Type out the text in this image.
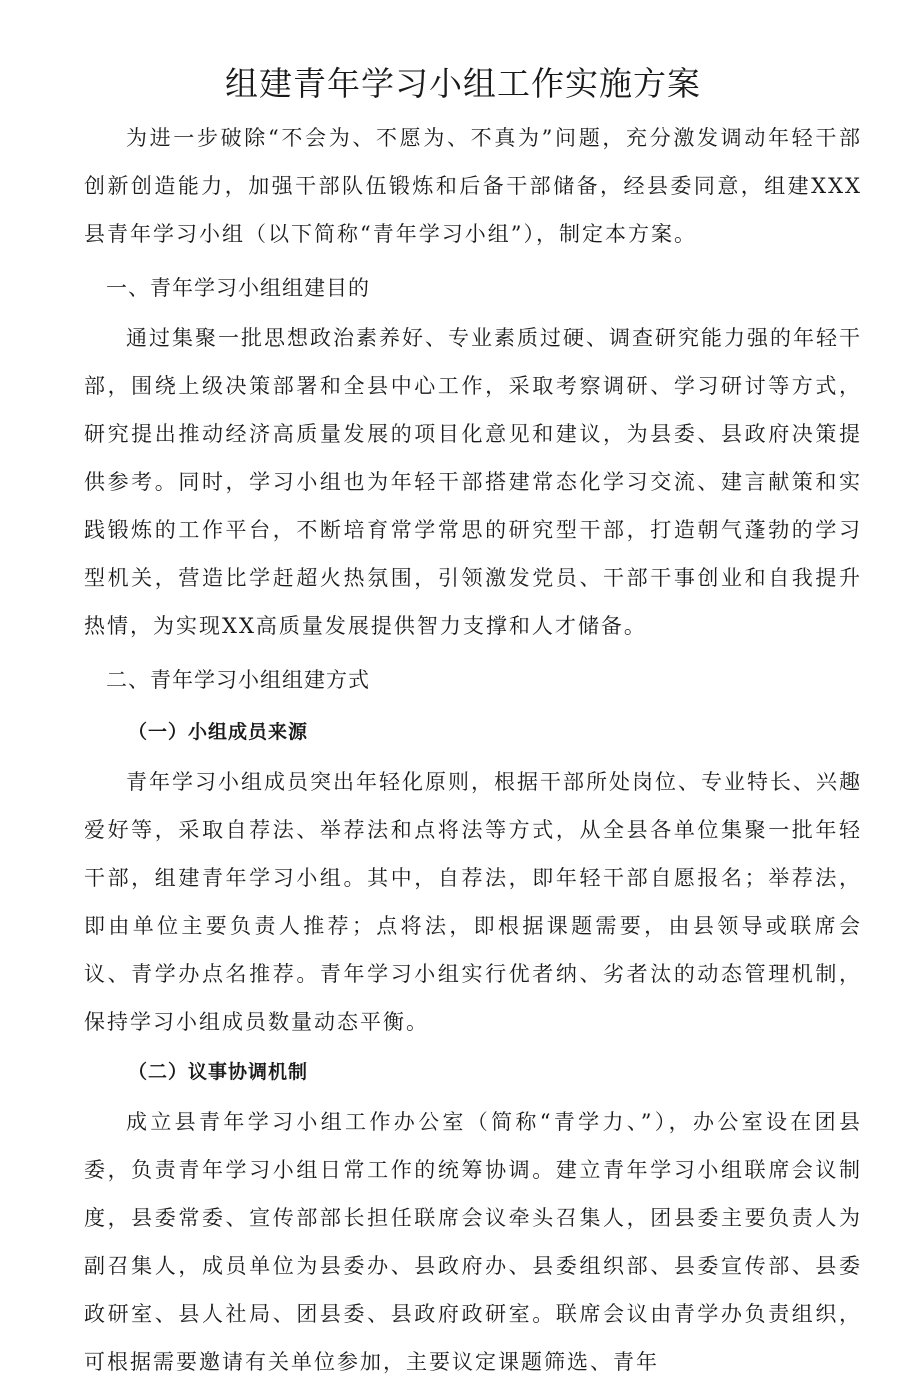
组建青年学习小组工作实施方案

为进一步破除“不会为、不愿为、不真为”问题，充分激发调动年轻干部创新创造能力，加强干部队伍锻炼和后备干部储备，经县委同意，组建XXX县青年学习小组（以下简称“青年学习小组”），制定本方案。

一、青年学习小组组建目的

通过集聚一批思想政治素养好、专业素质过硬、调查研究能力强的年轻干部，围绕上级决策部署和全县中心工作，采取考察调研、学习研讨等方式，研究提出推动经济高质量发展的项目化意见和建议，为县委、县政府决策提供参考。同时，学习小组也为年轻干部搭建常态化学习交流、建言献策和实践锻炼的工作平台，不断培育常学常思的研究型干部，打造朝气蓬勃的学习型机关，营造比学赶超火热氛围，引领激发党员、干部干事创业和自我提升热情，为实现XX高质量发展提供智力支撑和人才储备。

二、青年学习小组组建方式
（一）小组成员来源

青年学习小组成员突出年轻化原则，根据干部所处岗位、专业特长、兴趣爱好等，采取自荐法、举荐法和点将法等方式，从全县各单位集聚一批年轻干部，组建青年学习小组。其中，自荐法，即年轻干部自愿报名；举荐法，即由单位主要负责人推荐；点将法，即根据课题需要，由县领导或联席会议、青学办点名推荐。青年学习小组实行优者纳、劣者汰的动态管理机制，保持学习小组成员数量动态平衡。

（二）议事协调机制

成立县青年学习小组工作办公室（简称“青学力、”），办公室设在团县委，负责青年学习小组日常工作的统筹协调。建立青年学习小组联席会议制度，县委常委、宣传部部长担任联席会议牵头召集人，团县委主要负责人为副召集人，成员单位为县委办、县政府办、县委组织部、县委宣传部、县委政研室、县人社局、团县委、县政府政研室。联席会议由青学办负责组织，可根据需要邀请有关单位参加，主要议定课题筛选、青年
